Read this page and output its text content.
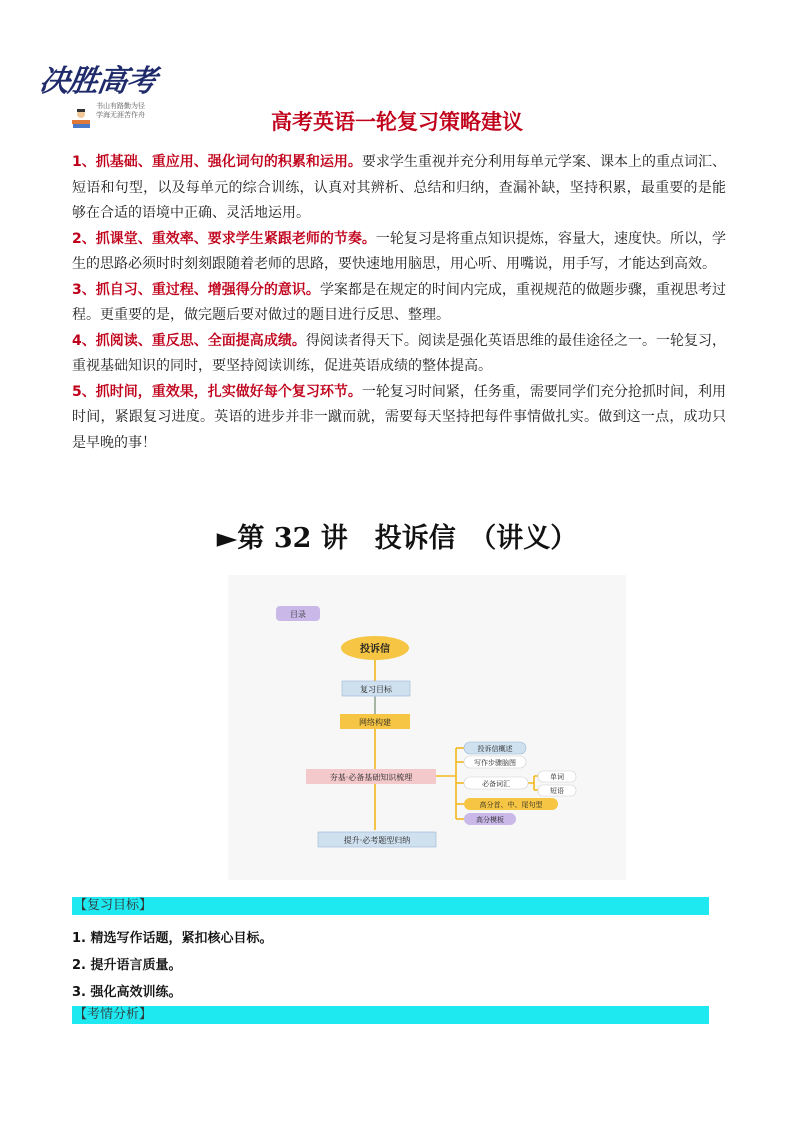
决胜高考
书山有路勤为径
学海无涯苦作舟	高考英语一轮复习策略建议

1、抓基础、重应用、强化词句的积累和运用。要求学生重视并充分利用每单元学案、课本上的重点词汇、短语和句型，以及每单元的综合训练，认真对其辨析、总结和归纳，查漏补缺，坚持积累，最重要的是能够在合适的语境中正确、灵活地运用。

2、抓课堂、重效率、要求学生紧跟老师的节奏。一轮复习是将重点知识提炼，容量大，速度快。所以，学生的思路必须时时刻刻跟随着老师的思路，要快速地用脑思，用心听、用嘴说，用手写，才能达到高效。

3、抓自习、重过程、增强得分的意识。学案都是在规定的时间内完成，重视规范的做题步骤，重视思考过程。更重要的是，做完题后要对做过的题目进行反思、整理。

4、抓阅读、重反思、全面提高成绩。得阅读者得天下。阅读是强化英语思维的最佳途径之一。一轮复习，重视基础知识的同时，要坚持阅读训练，促进英语成绩的整体提高。

5、抓时间，重效果，扎实做好每个复习环节。一轮复习时间紧，任务重，需要同学们充分抢抓时间，利用时间，紧跟复习进度。英语的进步并非一蹴而就，需要每天坚持把每件事情做扎实。做到这一点，成功只是早晚的事！

►第 32 讲　投诉信　（讲义）
目录
投诉信
复习目标
网络构建
夯基·必备基础知识梳理
投诉信概述
写作步骤脑图
必备词汇
单词
短语
高分首、中、尾句型
高分模板
提升·必考题型归纳
【复习目标】
1. 精选写作话题，紧扣核心目标。
2. 提升语言质量。
3. 强化高效训练。
【考情分析】
